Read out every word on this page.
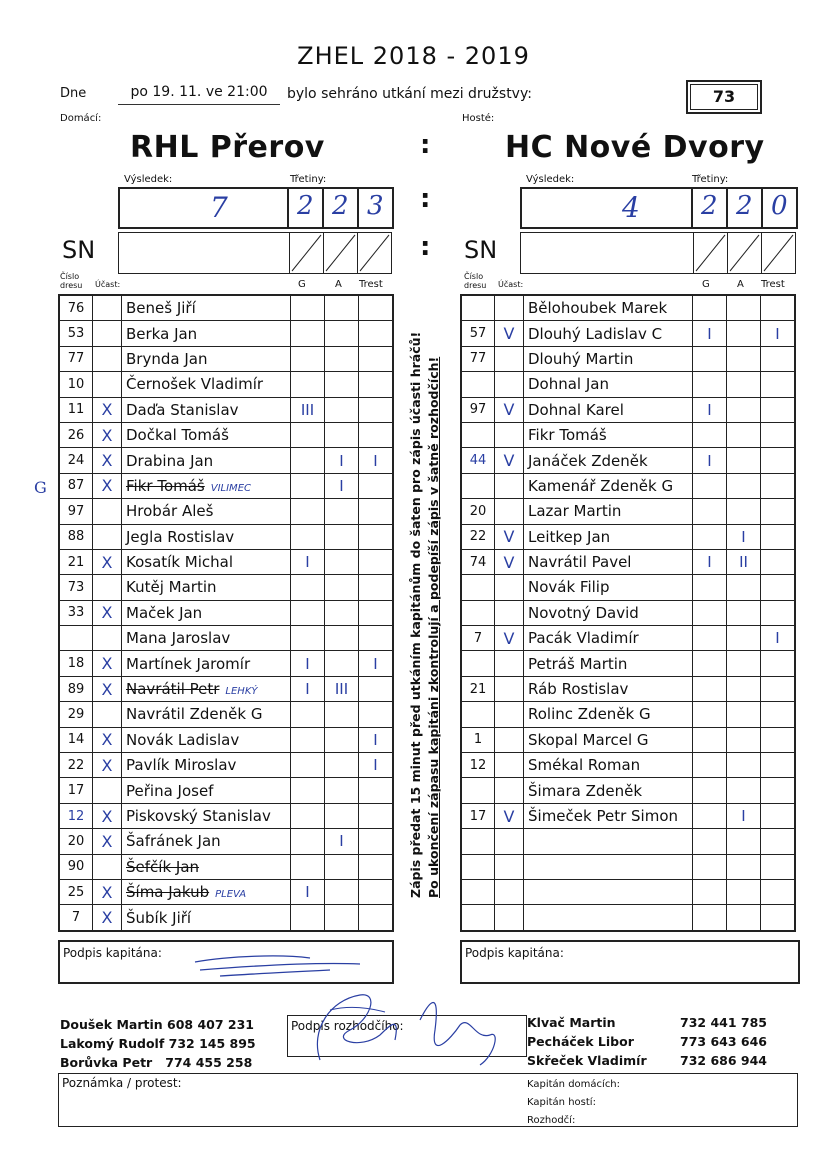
ZHEL 2018 - 2019
Dne	po 19. 11. ve 21:00	bylo sehráno utkání mezi družstvy:	73
Domácí:	Hosté:
RHL Přerov	: HC Nové Dvory
Výsledek:	Třetiny:	Výsledek:	Třetiny:
7	2 2 3 :	4 2 2 0
SN	: SN
Číslo dresu	Účast:	G	A Trest
Číslo dresu	Účast:	G	A Trest
G
76		Beneš Jiří			
53		Berka Jan			
77		Brynda Jan			
10		Černošek Vladimír			
11	X	Daďa Stanislav	III		
26	X	Dočkal Tomáš			
24	X	Drabina Jan		I	I
87	X	Fikr Tomáš VILIMEC		I	
97		Hrobár Aleš			
88		Jegla Rostislav			
21	X	Kosatík Michal	I		
73		Kutěj Martin			
33	X	Maček Jan			
		Mana Jaroslav			
18	X	Martínek Jaromír	I		I
89	X	Navrátil Petr LEHKÝ	I	III	
29		Navrátil Zdeněk G			
14	X	Novák Ladislav			I
22	X	Pavlík Miroslav			I
17		Peřina Josef			
12	X	Piskovský Stanislav			
20	X	Šafránek Jan		I	
90		Šefčík Jan			
25	X	Šíma Jakub PLEVA	I		
7	X	Šubík Jiří			
		Bělohoubek Marek			
57	V	Dlouhý Ladislav C	I		I
77		Dlouhý Martin			
		Dohnal Jan			
97	V	Dohnal Karel	I		
		Fikr Tomáš			
44	V	Janáček Zdeněk	I		
		Kamenář Zdeněk G			
20		Lazar Martin			
22	V	Leitkep Jan		I	
74	V	Navrátil Pavel	I	II	
		Novák Filip			
		Novotný David			
7	V	Pacák Vladimír			I
		Petráš Martin			
21		Ráb Rostislav			
		Rolinc Zdeněk G			
1		Skopal Marcel G			
12		Smékal Roman			
		Šimara Zdeněk			
17	V	Šimeček Petr Simon		I	

Zápis předat 15 minut před utkáním kapitánům do šaten pro zápis účasti hráčů! Po ukončení zápasu kapitáni zkontrolují a podepíší zápis v šatně rozhodčích!
Podpis kapitána:	Podpis kapitána:
Doušek Martin 608 407 231
Lakomý Rudolf 732 145 895
Borůvka Petr 774 455 258
Podpis rozhodčího:	Klvač Martin	732 441 785
Pecháček Libor	773 643 646
Skřeček Vladimír	732 686 944
Poznámka / protest:	Kapitán domácích:
Kapitán hostí:
Rozhodčí:
